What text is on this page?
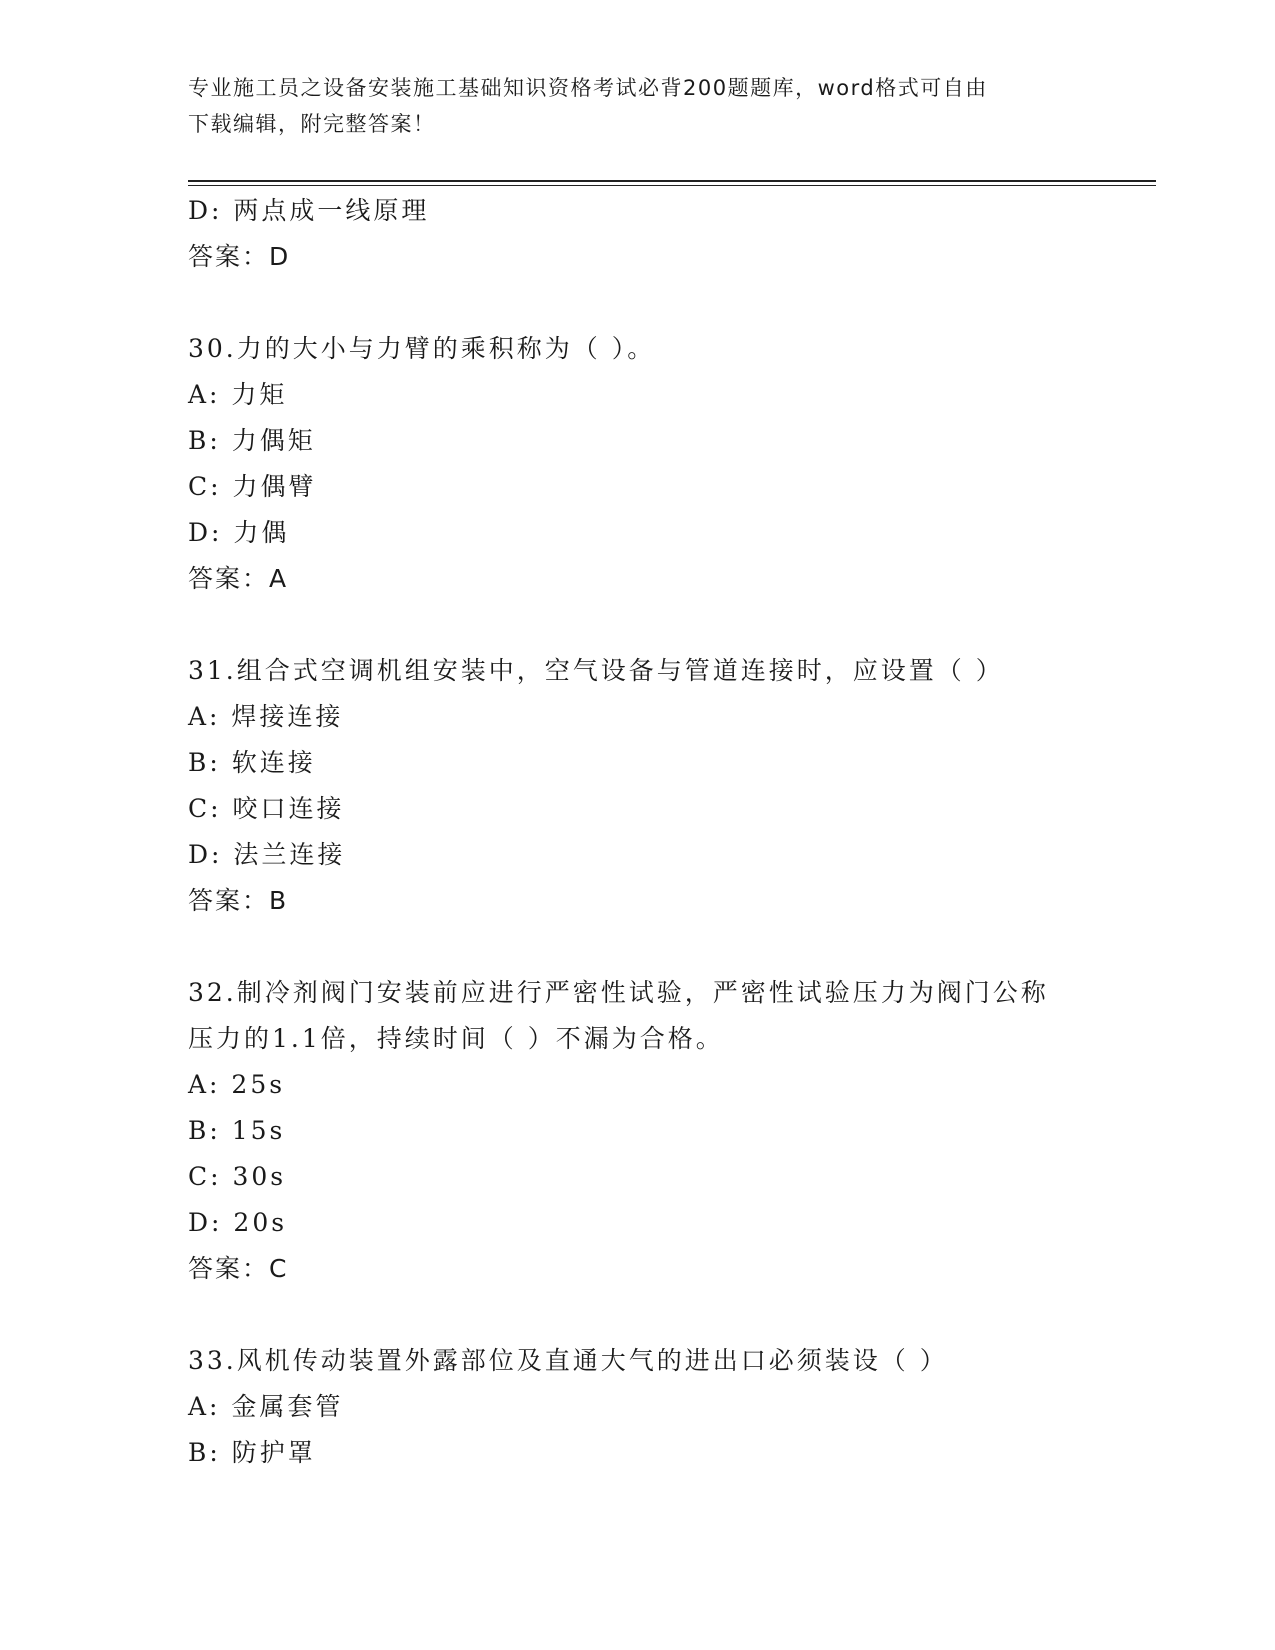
专业施工员之设备安装施工基础知识资格考试必背200题题库，word格式可自由
下载编辑，附完整答案！
D: 两点成一线原理
答案：D
30.力的大小与力臂的乘积称为（ ）。
A: 力矩
B: 力偶矩
C: 力偶臂
D: 力偶
答案：A
31.组合式空调机组安装中，空气设备与管道连接时，应设置（ ）
A: 焊接连接
B: 软连接
C: 咬口连接
D: 法兰连接
答案：B
32.制冷剂阀门安装前应进行严密性试验，严密性试验压力为阀门公称
压力的1.1倍，持续时间（ ）不漏为合格。
A: 25s
B: 15s
C: 30s
D: 20s
答案：C
33.风机传动装置外露部位及直通大气的进出口必须装设（ ）
A: 金属套管
B: 防护罩
